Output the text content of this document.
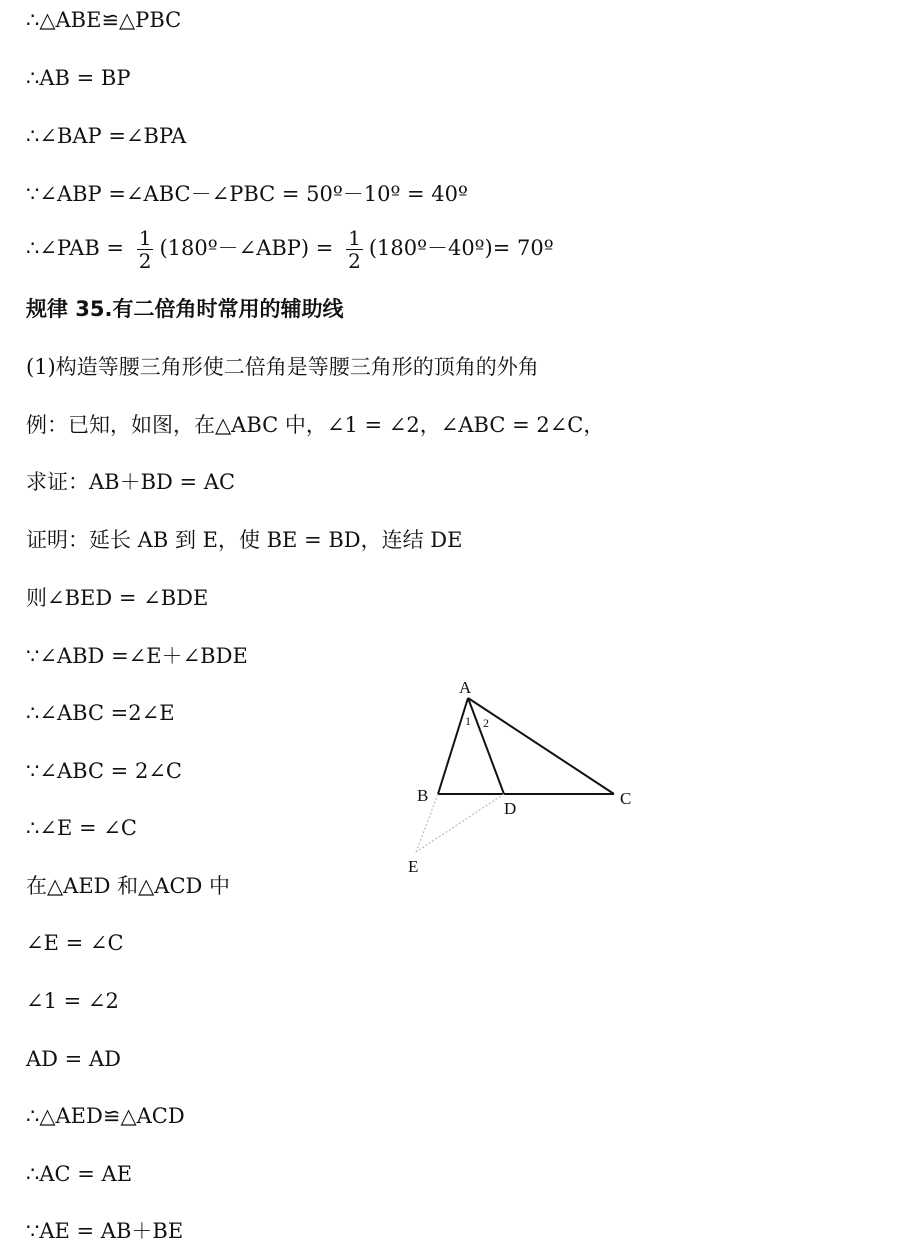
∴△ABE≌△PBC
∴AB = BP
∴∠BAP =∠BPA
∵∠ABP =∠ABC－∠PBC = 50º－10º = 40º
∴∠PAB = $\frac{1}{2}$ (180º－∠ABP) = $\frac{1}{2}$ (180º－40º)= 70º
规律 35.有二倍角时常用的辅助线
(1)构造等腰三角形使二倍角是等腰三角形的顶角的外角
例：已知，如图，在△ABC 中，∠1 = ∠2，∠ABC = 2∠C，
求证：AB＋BD = AC
证明：延长 AB 到 E，使 BE = BD，连结 DE
则∠BED = ∠BDE
∵∠ABD =∠E＋∠BDE
∴∠ABC =2∠E
∵∠ABC = 2∠C
∴∠E = ∠C
在△AED 和△ACD 中
∠E = ∠C
∠1 = ∠2
AD = AD
∴△AED≌△ACD
∴AC = AE
∵AE = AB＋BE
A
B	C
D
E
1 2
